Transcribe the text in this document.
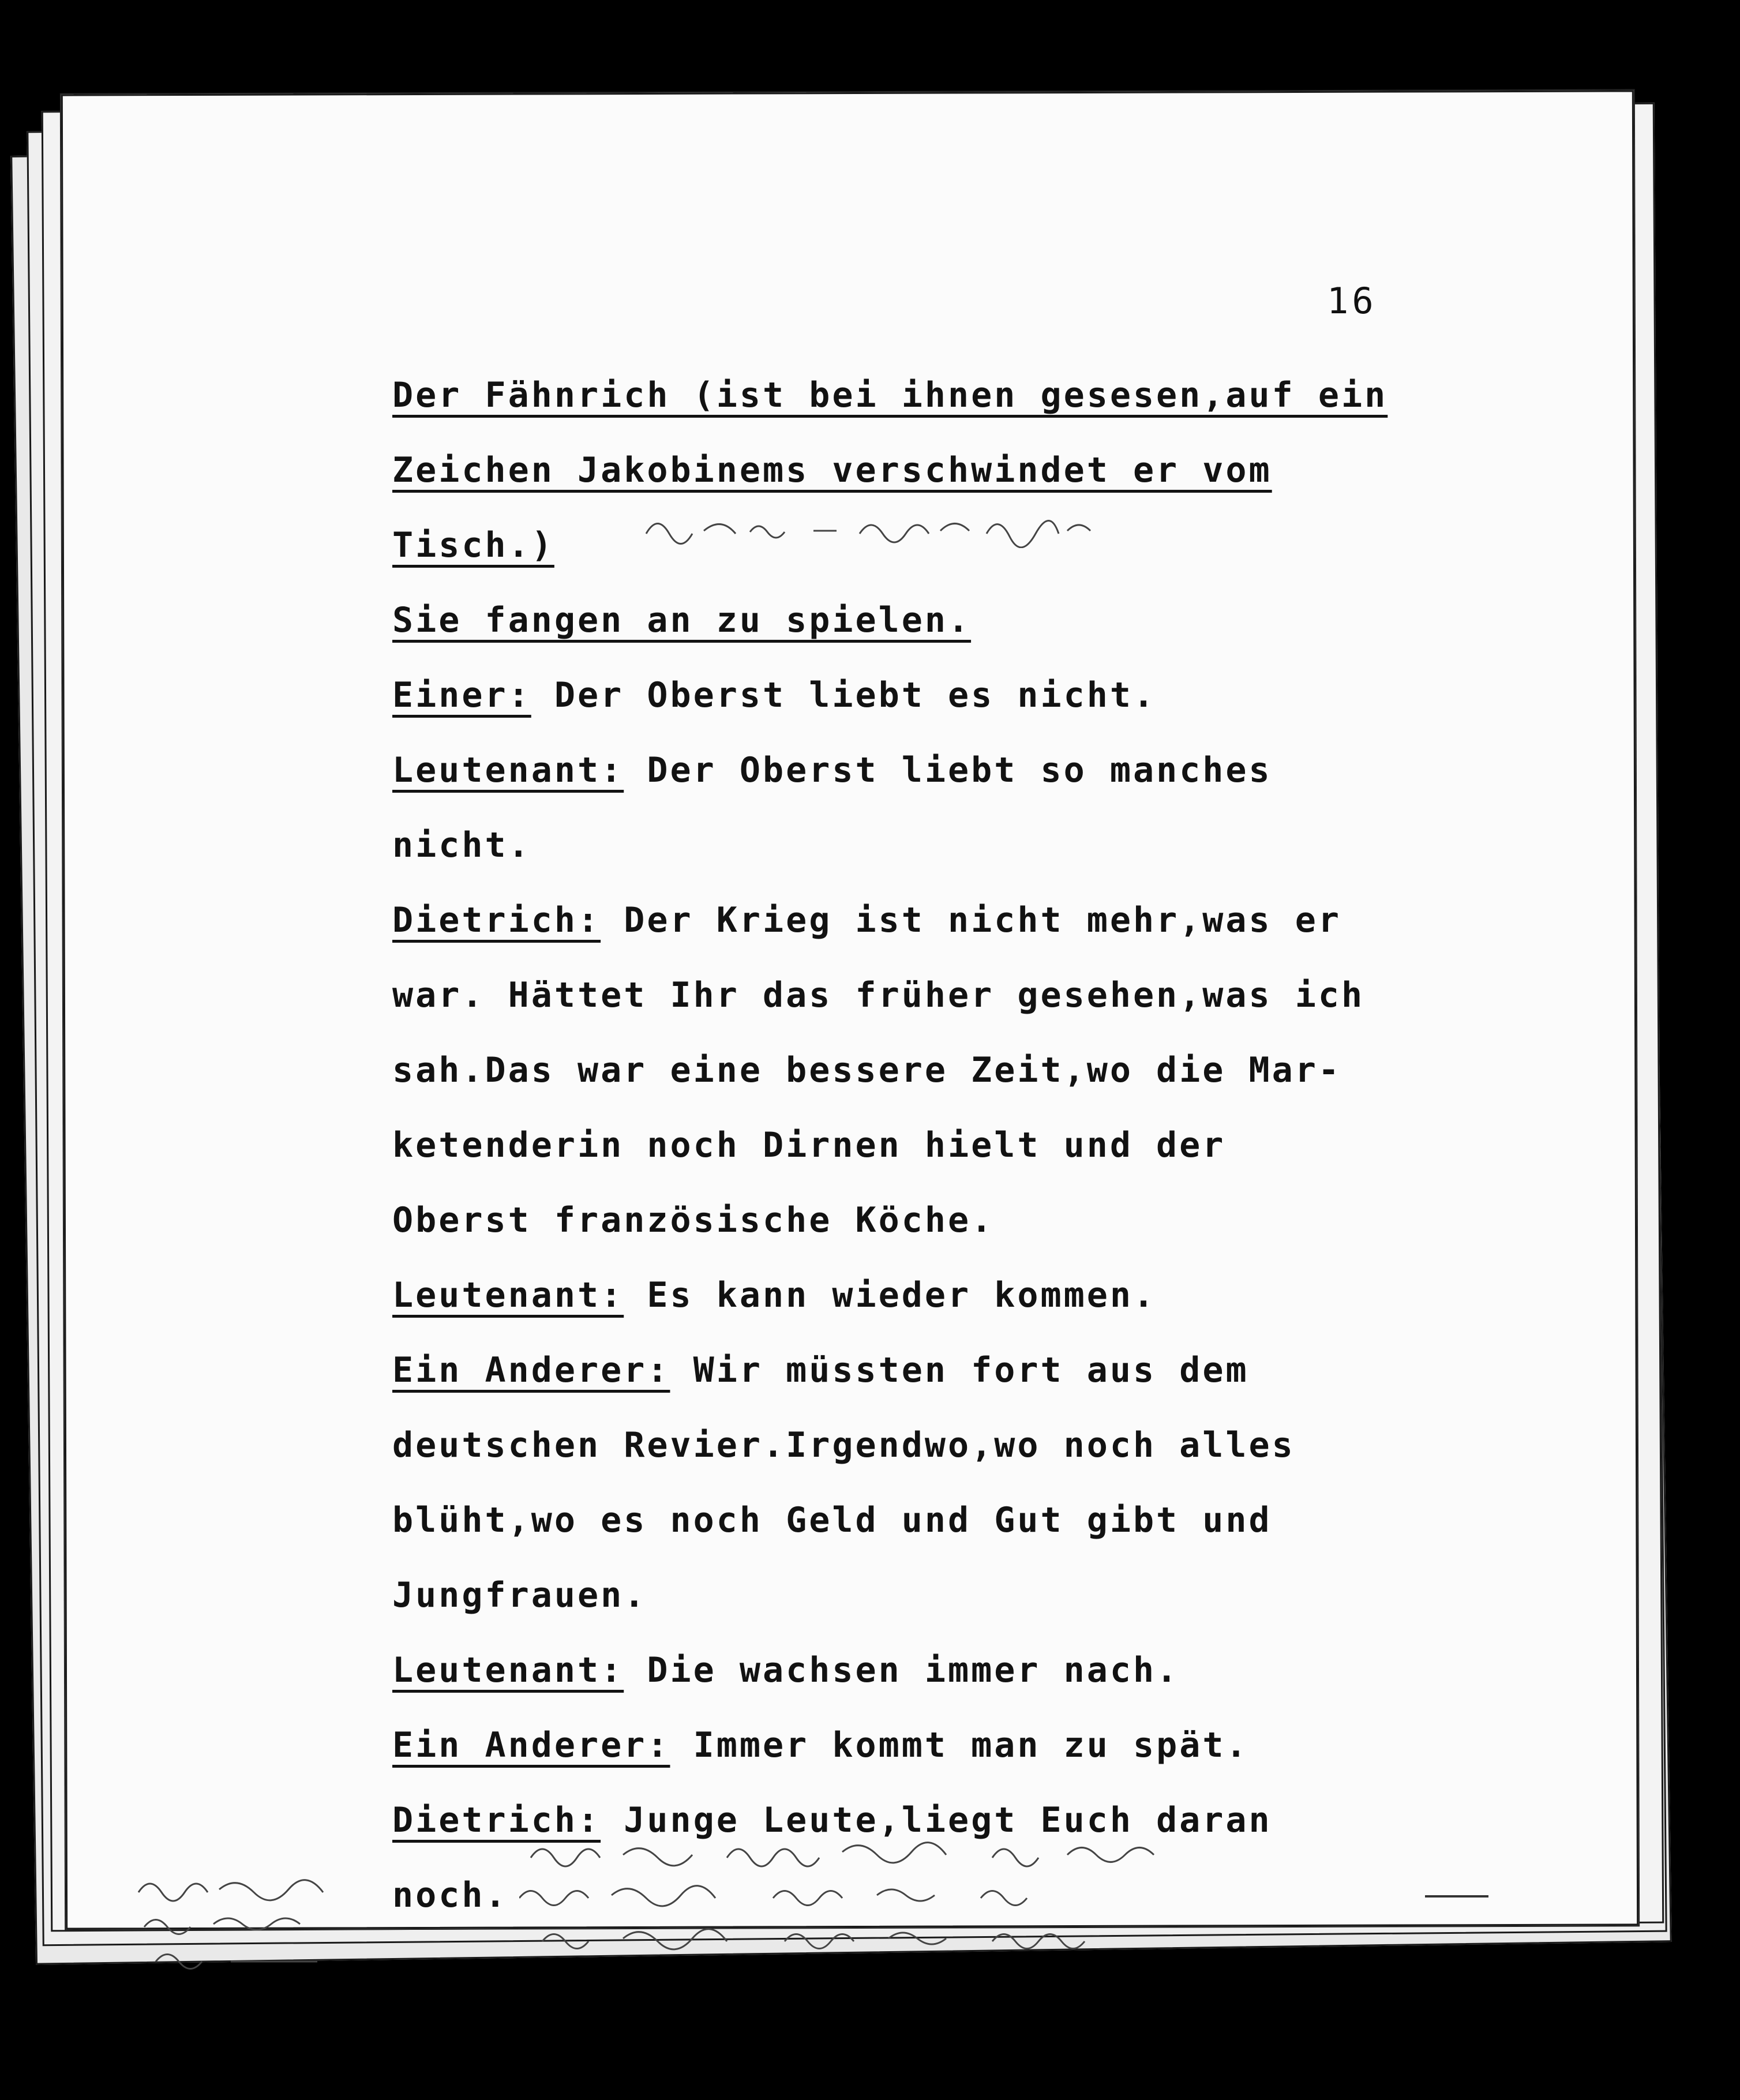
16
Der Fähnrich (ist bei ihnen gesesen,auf ein
Zeichen Jakobinems verschwindet er vom
Tisch.)
Sie fangen an zu spielen.
Einer: Der Oberst liebt es nicht.
Leutenant: Der Oberst liebt so manches
nicht.
Dietrich: Der Krieg ist nicht mehr,was er
war. Hättet Ihr das früher gesehen,was ich
sah.Das war eine bessere Zeit,wo die Mar-
ketenderin noch Dirnen hielt und der
Oberst französische Köche.
Leutenant: Es kann wieder kommen.
Ein Anderer: Wir müssten fort aus dem
deutschen Revier.Irgendwo,wo noch alles
blüht,wo es noch Geld und Gut gibt und
Jungfrauen.
Leutenant: Die wachsen immer nach.
Ein Anderer: Immer kommt man zu spät.
Dietrich: Junge Leute,liegt Euch daran
noch.
